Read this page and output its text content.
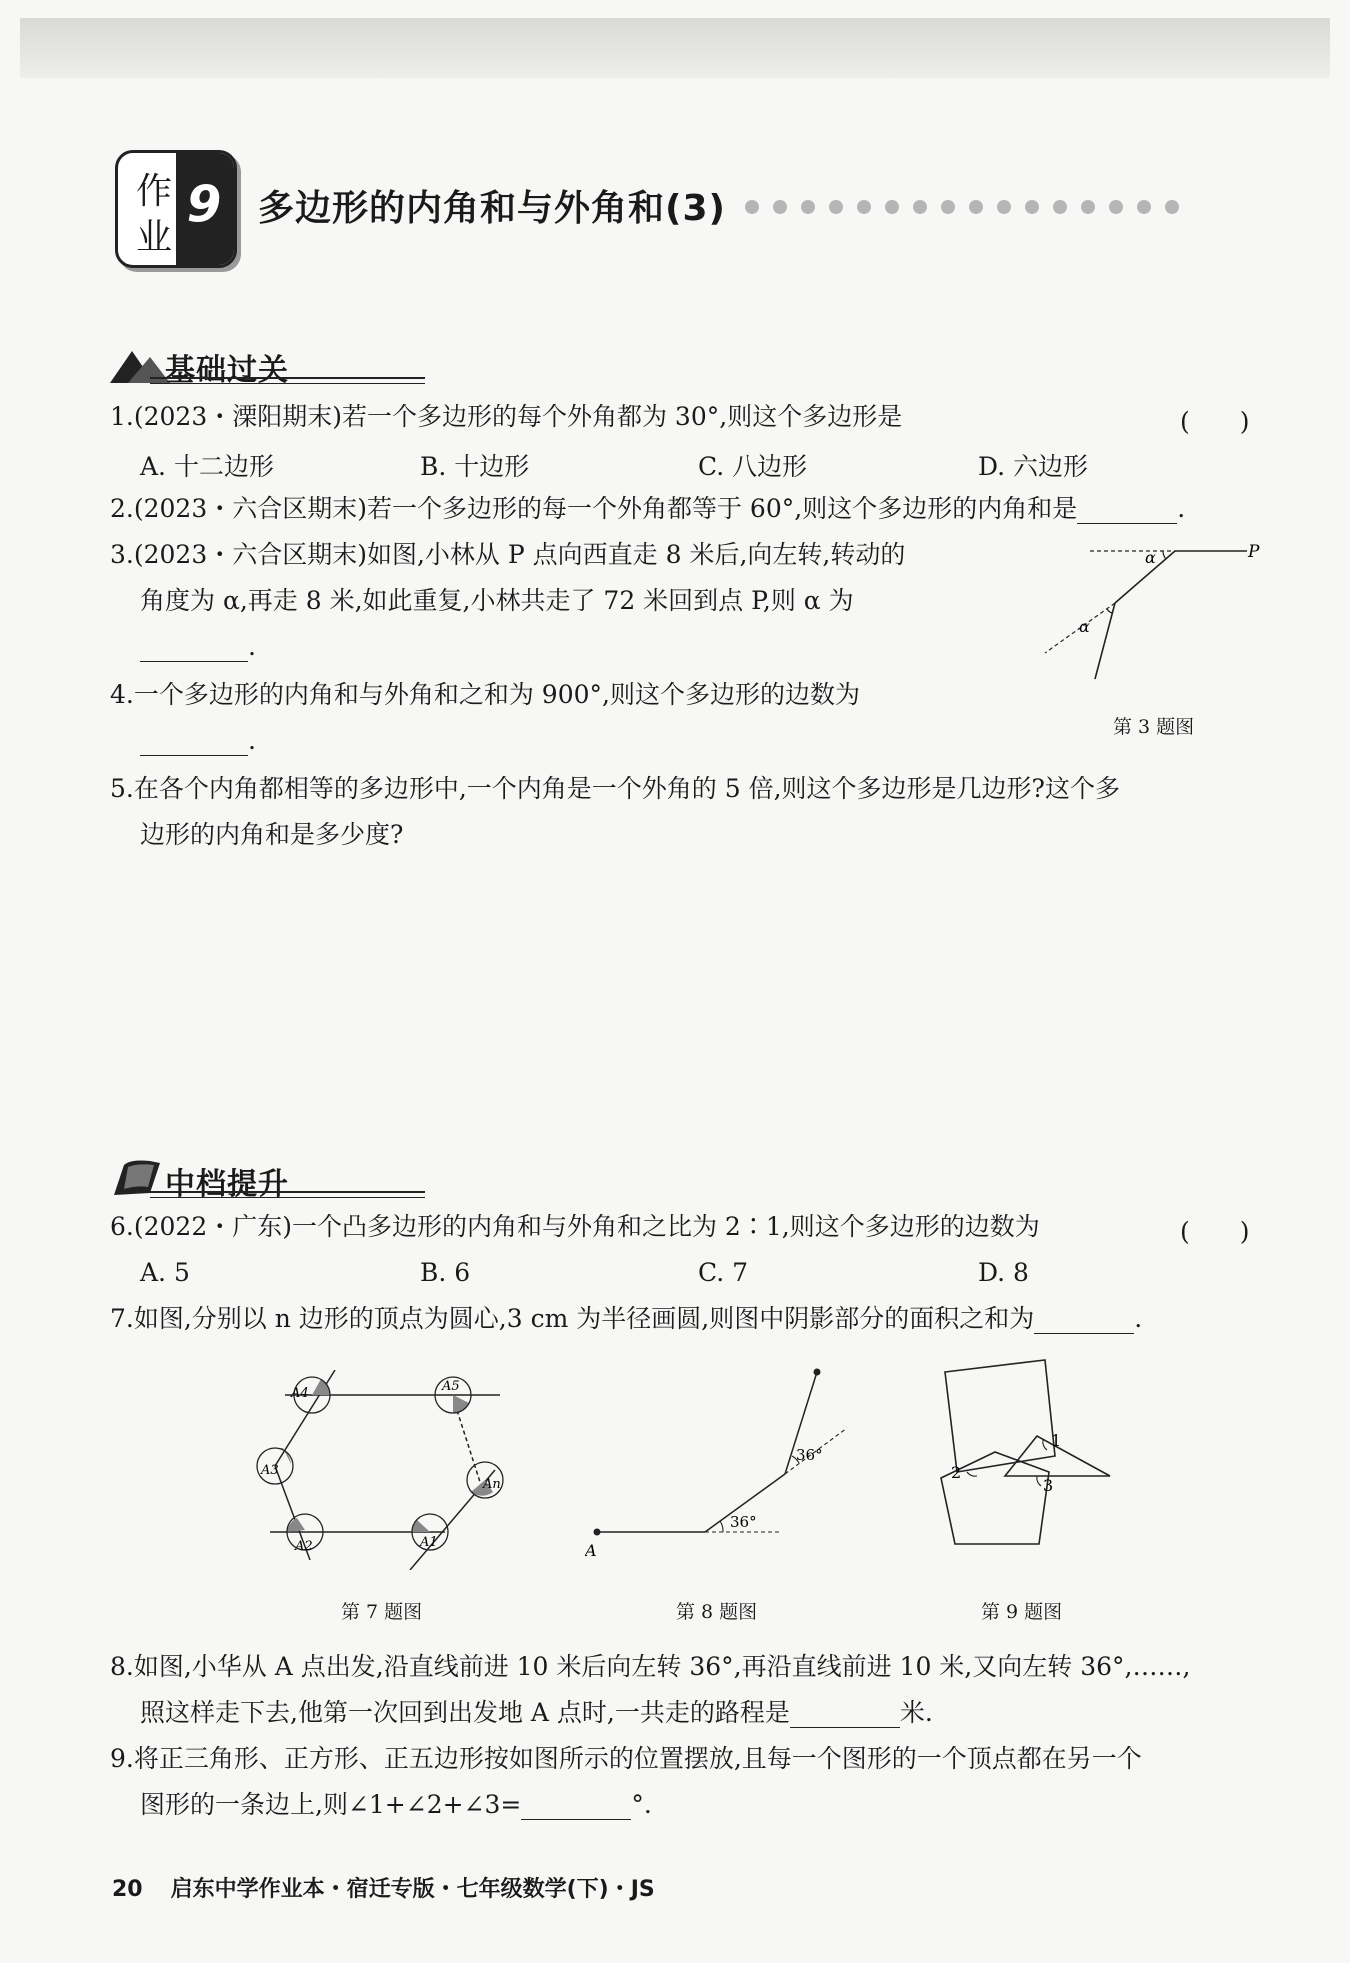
作
业
9 多边形的内角和与外角和(3)
基础过关
1.(2023・溧阳期末)若一个多边形的每个外角都为 30°,则这个多边形是	(　　)
A. 十二边形	B. 十边形	C. 八边形	D. 六边形
2.(2023・六合区期末)若一个多边形的每一个外角都等于 60°,则这个多边形的内角和是	.
3.(2023・六合区期末)如图,小林从 P 点向西直走 8 米后,向左转,转动的
角度为 α,再走 8 米,如此重复,小林共走了 72 米回到点 P,则 α 为
.
P
α
α
第 3 题图
4.一个多边形的内角和与外角和之和为 900°,则这个多边形的边数为
.
5.在各个内角都相等的多边形中,一个内角是一个外角的 5 倍,则这个多边形是几边形?这个多
边形的内角和是多少度?
中档提升
6.(2022・广东)一个凸多边形的内角和与外角和之比为 2∶1,则这个多边形的边数为	(　　)
A. 5	B. 6	C. 7	D. 8
7.如图,分别以 n 边形的顶点为圆心,3 cm 为半径画圆,则图中阴影部分的面积之和为	.
A4	A5
A3
An
A2	A1
第 7 题图
A
36°
36°
第 8 题图
1
2
3
第 9 题图
8.如图,小华从 A 点出发,沿直线前进 10 米后向左转 36°,再沿直线前进 10 米,又向左转 36°,……,
照这样走下去,他第一次回到出发地 A 点时,一共走的路程是	米.
9.将正三角形、正方形、正五边形按如图所示的位置摆放,且每一个图形的一个顶点都在另一个
图形的一条边上,则∠1+∠2+∠3=	°.
20 启东中学作业本・宿迁专版・七年级数学(下)・JS
